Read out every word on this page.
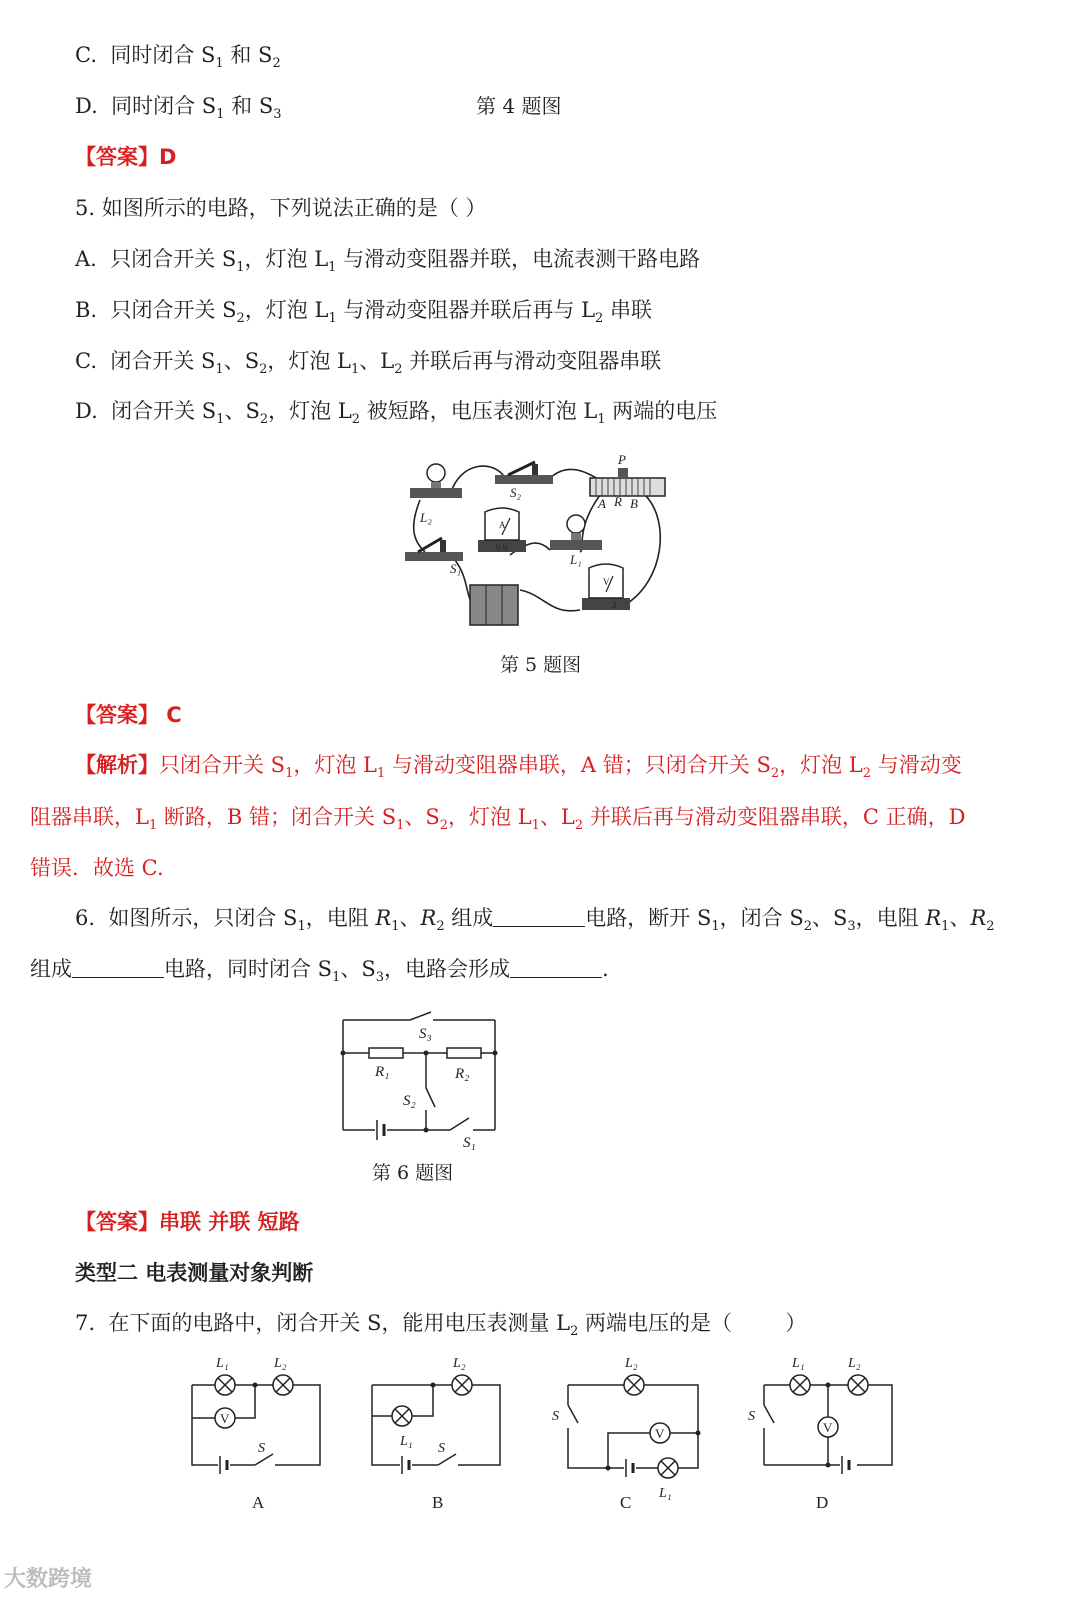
C.  同时闭合 $S_1$ 和 $S_2$
D.  同时闭合 $S_1$ 和 $S_3$	第 4 题图
【答案】D
5. 如图所示的电路，下列说法正确的是（ ）
A.  只闭合开关 $S_1$，灯泡 $L_1$ 与滑动变阻器并联，电流表测干路电路
B.  只闭合开关 $S_2$，灯泡 $L_1$ 与滑动变阻器并联后再与 $L_2$ 串联
C.  闭合开关 $S_1$、$S_2$，灯泡 $L_1$、$L_2$ 并联后再与滑动变阻器串联
D.  闭合开关 $S_1$、$S_2$，灯泡 $L_2$ 被短路，电压表测灯泡 $L_1$ 两端的电压
L₂
S₂
P
A R B
S₁
L₁
A
V
0.6
3
第 5 题图
【答案】 C
【解析】只闭合开关 $S_1$，灯泡 $L_1$ 与滑动变阻器串联，A 错；只闭合开关 $S_2$，灯泡 $L_2$ 与滑动变
阻器串联，$L_1$ 断路，B 错；闭合开关 $S_1$、$S_2$，灯泡 $L_1$、$L_2$ 并联后再与滑动变阻器串联，C 正确，D
错误．故选 C.
6.  如图所示，只闭合 $S_1$，电阻 $R_1$、$R_2$ 组成	电路，断开 $S_1$，闭合 $S_2$、$S_3$，电阻 $R_1$、$R_2$
组成	电路，同时闭合 $S_1$、$S_3$，电路会形成	.
S₃
R₁	R₂
S₂
S₁
第 6 题图
【答案】串联 并联 短路
类型二 电表测量对象判断
7.  在下面的电路中，闭合开关 S，能用电压表测量 $L_2$ 两端电压的是（        ）
V
L₁	L₂
S
L₂
L₁ S
L₂
S
L₁
L₁	L₂
S
A	B	C	D
大数跨境
